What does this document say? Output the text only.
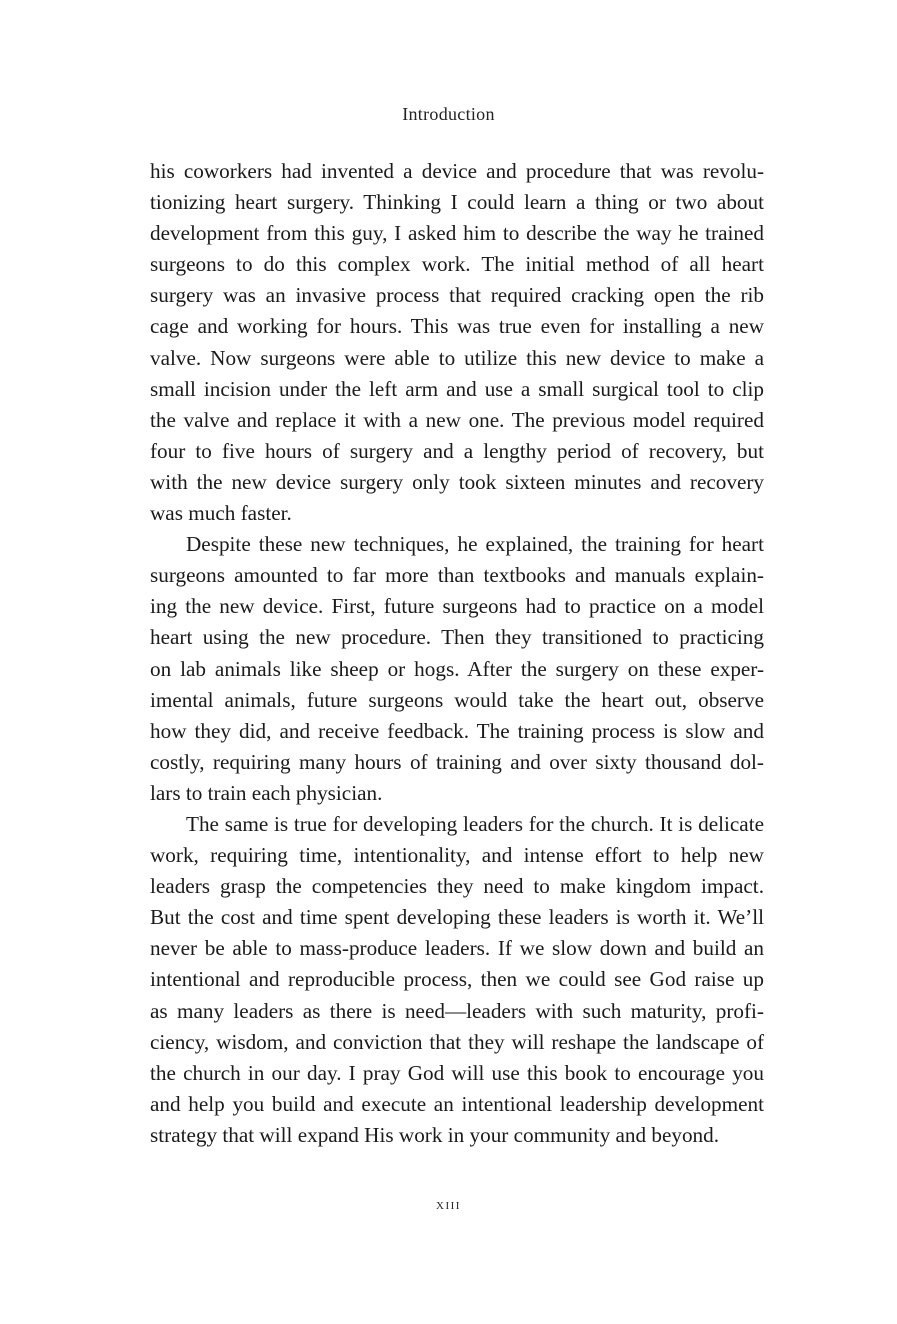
Introduction
his coworkers had invented a device and procedure that was revolu-
tionizing heart surgery. Thinking I could learn a thing or two about
development from this guy, I asked him to describe the way he trained
surgeons to do this complex work. The initial method of all heart
surgery was an invasive process that required cracking open the rib
cage and working for hours. This was true even for installing a new
valve. Now surgeons were able to utilize this new device to make a
small incision under the left arm and use a small surgical tool to clip
the valve and replace it with a new one. The previous model required
four to five hours of surgery and a lengthy period of recovery, but
with the new device surgery only took sixteen minutes and recovery
was much faster.
Despite these new techniques, he explained, the training for heart
surgeons amounted to far more than textbooks and manuals explain-
ing the new device. First, future surgeons had to practice on a model
heart using the new procedure. Then they transitioned to practicing
on lab animals like sheep or hogs. After the surgery on these exper-
imental animals, future surgeons would take the heart out, observe
how they did, and receive feedback. The training process is slow and
costly, requiring many hours of training and over sixty thousand dol-
lars to train each physician.
The same is true for developing leaders for the church. It is delicate
work, requiring time, intentionality, and intense effort to help new
leaders grasp the competencies they need to make kingdom impact.
But the cost and time spent developing these leaders is worth it. We’ll
never be able to mass-produce leaders. If we slow down and build an
intentional and reproducible process, then we could see God raise up
as many leaders as there is need—leaders with such maturity, profi-
ciency, wisdom, and conviction that they will reshape the landscape of
the church in our day. I pray God will use this book to encourage you
and help you build and execute an intentional leadership development
strategy that will expand His work in your community and beyond.
xiii
